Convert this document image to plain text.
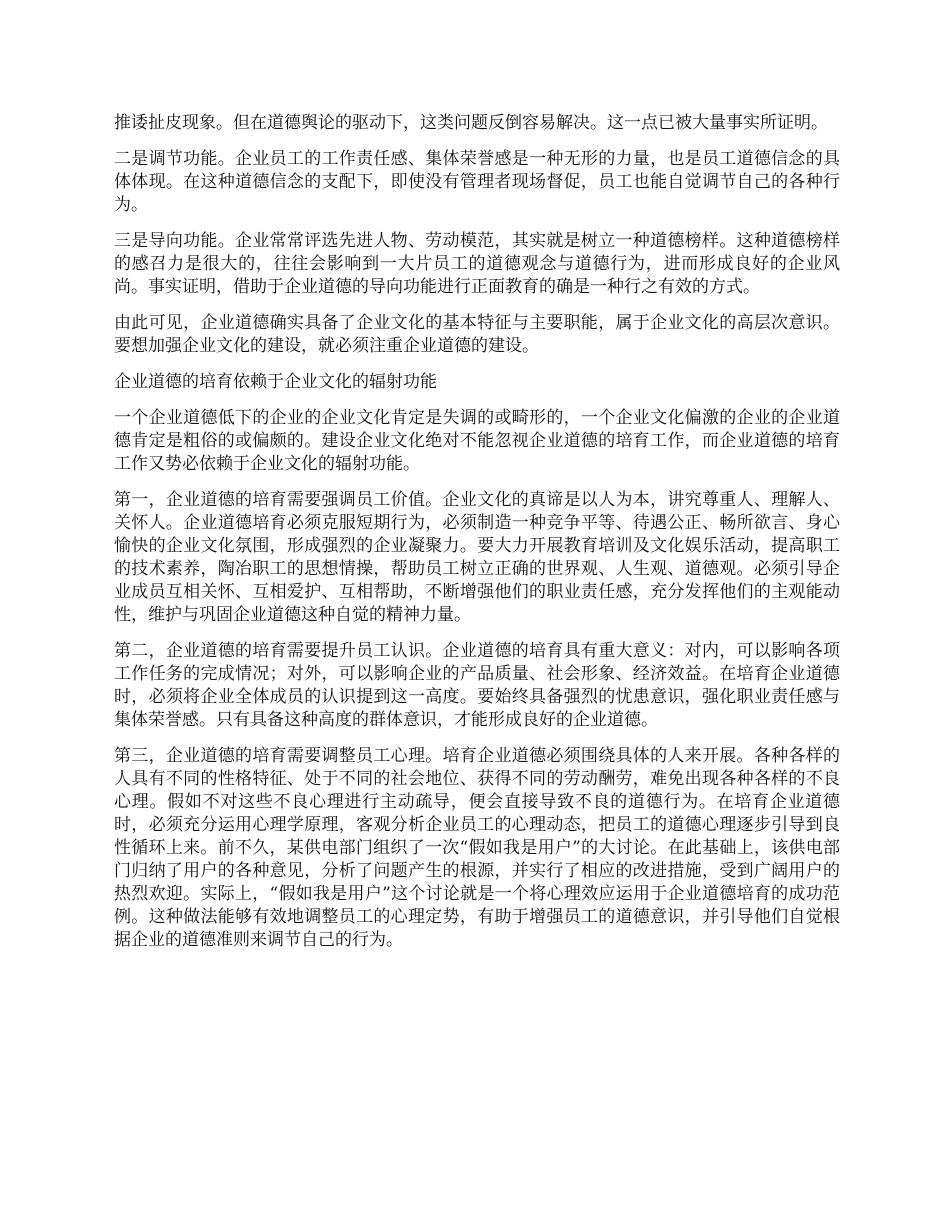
推诿扯皮现象。但在道德舆论的驱动下，这类问题反倒容易解决。这一点已被大量事实所证明。

二是调节功能。企业员工的工作责任感、集体荣誉感是一种无形的力量，也是员工道德信念的具体体现。在这种道德信念的支配下，即使没有管理者现场督促，员工也能自觉调节自己的各种行为。

三是导向功能。企业常常评选先进人物、劳动模范，其实就是树立一种道德榜样。这种道德榜样的感召力是很大的，往往会影响到一大片员工的道德观念与道德行为，进而形成良好的企业风尚。事实证明，借助于企业道德的导向功能进行正面教育的确是一种行之有效的方式。

由此可见，企业道德确实具备了企业文化的基本特征与主要职能，属于企业文化的高层次意识。要想加强企业文化的建设，就必须注重企业道德的建设。

企业道德的培育依赖于企业文化的辐射功能

一个企业道德低下的企业的企业文化肯定是失调的或畸形的，一个企业文化偏激的企业的企业道德肯定是粗俗的或偏颇的。建设企业文化绝对不能忽视企业道德的培育工作，而企业道德的培育工作又势必依赖于企业文化的辐射功能。

第一，企业道德的培育需要强调员工价值。企业文化的真谛是以人为本，讲究尊重人、理解人、关怀人。企业道德培育必须克服短期行为，必须制造一种竞争平等、待遇公正、畅所欲言、身心愉快的企业文化氛围，形成强烈的企业凝聚力。要大力开展教育培训及文化娱乐活动，提高职工的技术素养，陶冶职工的思想情操，帮助员工树立正确的世界观、人生观、道德观。必须引导企业成员互相关怀、互相爱护、互相帮助，不断增强他们的职业责任感，充分发挥他们的主观能动性，维护与巩固企业道德这种自觉的精神力量。

第二，企业道德的培育需要提升员工认识。企业道德的培育具有重大意义：对内，可以影响各项工作任务的完成情况；对外，可以影响企业的产品质量、社会形象、经济效益。在培育企业道德时，必须将企业全体成员的认识提到这一高度。要始终具备强烈的忧患意识，强化职业责任感与集体荣誉感。只有具备这种高度的群体意识，才能形成良好的企业道德。

第三，企业道德的培育需要调整员工心理。培育企业道德必须围绕具体的人来开展。各种各样的人具有不同的性格特征、处于不同的社会地位、获得不同的劳动酬劳，难免出现各种各样的不良心理。假如不对这些不良心理进行主动疏导，便会直接导致不良的道德行为。在培育企业道德时，必须充分运用心理学原理，客观分析企业员工的心理动态，把员工的道德心理逐步引导到良性循环上来。前不久，某供电部门组织了一次“假如我是用户”的大讨论。在此基础上，该供电部门归纳了用户的各种意见，分析了问题产生的根源，并实行了相应的改进措施，受到广阔用户的热烈欢迎。实际上，“假如我是用户”这个讨论就是一个将心理效应运用于企业道德培育的成功范例。这种做法能够有效地调整员工的心理定势，有助于增强员工的道德意识，并引导他们自觉根据企业的道德准则来调节自己的行为。
